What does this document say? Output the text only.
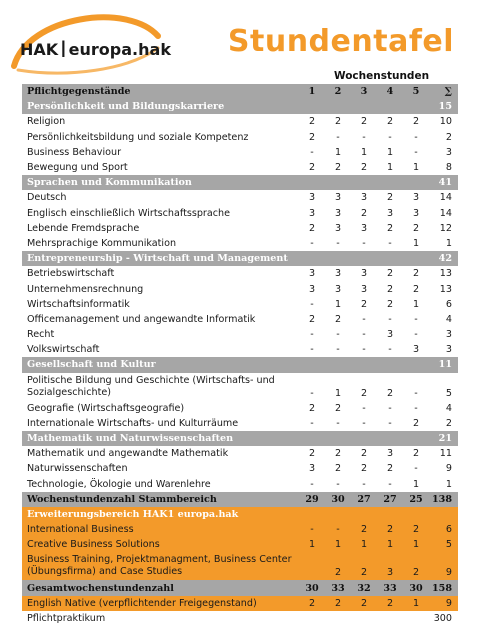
HAKI europa.hak Stundentafel
Wochenstunden
Pflichtgegenstände	1	2	3	4	5	∑
Persönlichkeit und Bildungskarriere						15
Religion	2	2	2	2	2	10
Persönlichkeitsbildung und soziale Kompetenz	2	-	-	-	-	2
Business Behaviour	-	1	1	1	-	3
Bewegung und Sport	2	2	2	1	1	8
Sprachen und Kommunikation						41
Deutsch	3	3	3	2	3	14
Englisch einschließlich Wirtschaftssprache	3	3	2	3	3	14
Lebende Fremdsprache	2	3	3	2	2	12
Mehrsprachige Kommunikation	-	-	-	-	1	1
Entrepreneurship - Wirtschaft und Management						42
Betriebswirtschaft	3	3	3	2	2	13
Unternehmensrechnung	3	3	3	2	2	13
Wirtschaftsinformatik	-	1	2	2	1	6
Officemanagement und angewandte Informatik	2	2	-	-	-	4
Recht	-	-	-	3	-	3
Volkswirtschaft	-	-	-	-	3	3
Gesellschaft und Kultur						11
Politische Bildung und Geschichte (Wirtschafts- und Sozialgeschichte)	-	1	2	2	-	5
Geografie (Wirtschaftsgeografie)	2	2	-	-	-	4
Internationale Wirtschafts- und Kulturräume	-	-	-	-	2	2
Mathematik und Naturwissenschaften						21
Mathematik und angewandte Mathematik	2	2	2	3	2	11
Naturwissenschaften	3	2	2	2	-	9
Technologie, Ökologie und Warenlehre	-	-	-	-	1	1
Wochenstundenzahl Stammbereich	29	30	27	27	25	138
Erweiterungsbereich HAK1 europa.hak						
International Business	-	-	2	2	2	6
Creative Business Solutions	1	1	1	1	1	5
Business Training, Projektmanagment, Business Center (Übungsfirma) and Case Studies		2	2	3	2	9
Gesamtwochenstundenzahl	30	33	32	33	30	158
English Native (verpflichtender Freigegenstand)	2	2	2	2	1	9
Pflichtpraktikum						300
